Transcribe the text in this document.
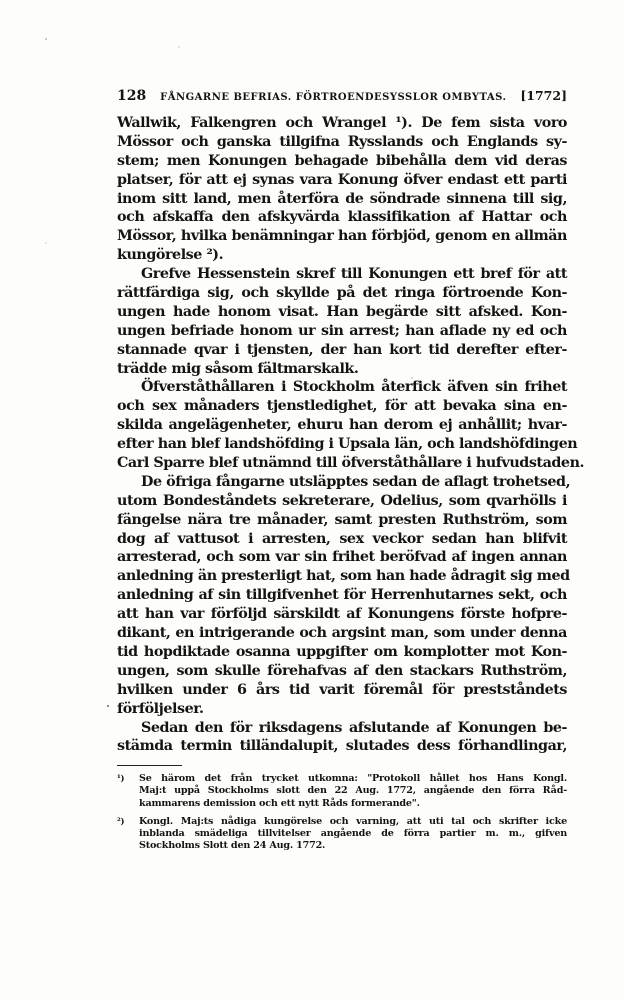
128 FÅNGARNE BEFRIAS. FÖRTROENDESYSSLOR OMBYTAS. [1772]
Wallwik, Falkengren och Wrangel ¹). De fem sista voro
Mössor och ganska tillgifna Rysslands och Englands sy-
stem; men Konungen behagade bibehålla dem vid deras
platser, för att ej synas vara Konung öfver endast ett parti
inom sitt land, men återföra de söndrade sinnena till sig,
och afskaffa den afskyvärda klassifikation af Hattar och
Mössor, hvilka benämningar han förbjöd, genom en allmän
kungörelse ²).
Grefve Hessenstein skref till Konungen ett bref för att
rättfärdiga sig, och skyllde på det ringa förtroende Kon-
ungen hade honom visat. Han begärde sitt afsked. Kon-
ungen befriade honom ur sin arrest; han aflade ny ed och
stannade qvar i tjensten, der han kort tid derefter efter-
trädde mig såsom fältmarskalk.
Öfverståthållaren i Stockholm återfick äfven sin frihet
och sex månaders tjenstledighet, för att bevaka sina en-
skilda angelägenheter, ehuru han derom ej anhållit; hvar-
efter han blef landshöfding i Upsala län, och landshöfdingen
Carl Sparre blef utnämnd till öfverståthållare i hufvudstaden.
De öfriga fångarne utsläpptes sedan de aflagt trohetsed,
utom Bondeståndets sekreterare, Odelius, som qvarhölls i
fängelse nära tre månader, samt presten Ruthström, som
dog af vattusot i arresten, sex veckor sedan han blifvit
arresterad, och som var sin frihet beröfvad af ingen annan
anledning än presterligt hat, som han hade ådragit sig med
anledning af sin tillgifvenhet för Herrenhutarnes sekt, och
att han var förföljd särskildt af Konungens förste hofpre-
dikant, en intrigerande och argsint man, som under denna
tid hopdiktade osanna uppgifter om komplotter mot Kon-
ungen, som skulle förehafvas af den stackars Ruthström,
hvilken under 6 års tid varit föremål för prestståndets
förföljelser.
Sedan den för riksdagens afslutande af Konungen be-
stämda termin tilländalupit, slutades dess förhandlingar,
¹) Se härom det från trycket utkomna: "Protokoll hållet hos Hans Kongl.
Maj:t uppå Stockholms slott den 22 Aug. 1772, angående den förra Råd-
kammarens demission och ett nytt Råds formerande".
²) Kongl. Maj:ts nådiga kungörelse och varning, att uti tal och skrifter icke
inblanda smädeliga tillvitelser angående de förra partier m. m., gifven
Stockholms Slott den 24 Aug. 1772.
